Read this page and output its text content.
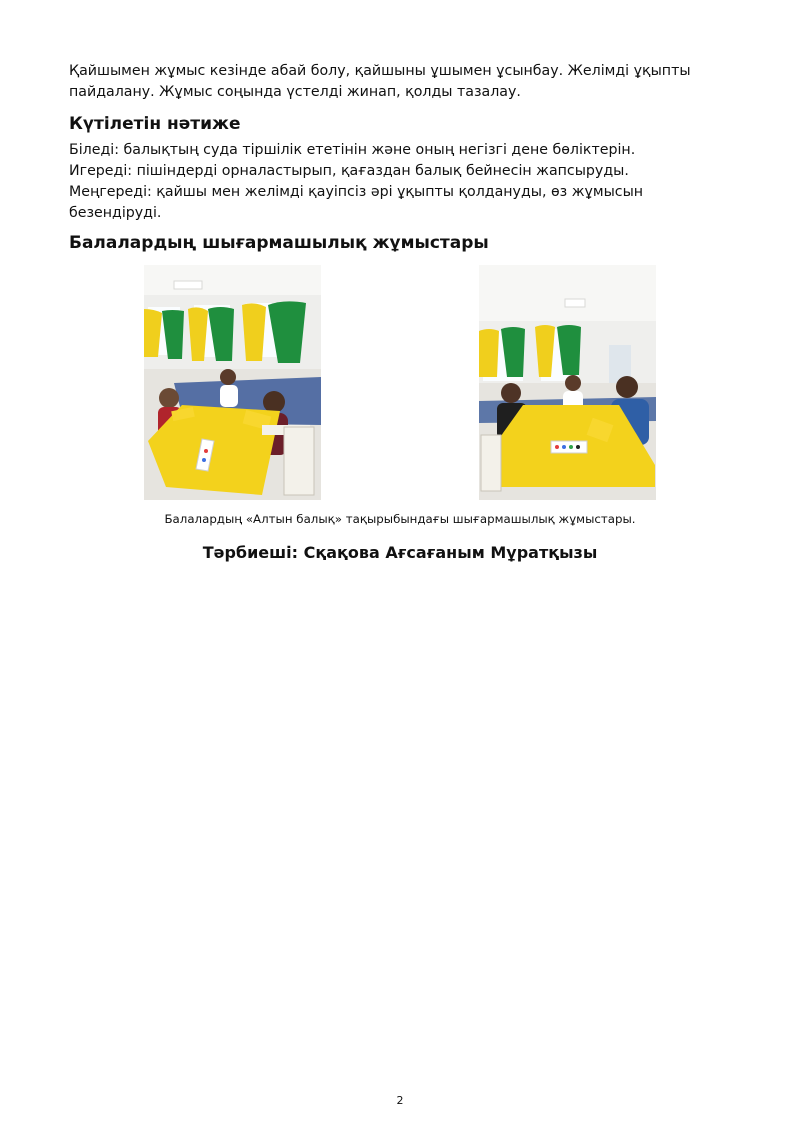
Қайшымен жұмыс кезінде абай болу, қайшыны ұшымен ұсынбау. Желімді ұқыпты
пайдалану. Жұмыс соңында үстелді жинап, қолды тазалау.
Күтілетін нәтиже
Біледі: балықтың суда тіршілік ететінін және оның негізгі дене бөліктерін.
Игереді: пішіндерді орналастырып, қағаздан балық бейнесін жапсыруды.
Меңгереді: қайшы мен желімді қауіпсіз әрі ұқыпты қолдануды, өз жұмысын
безендіруді.
Балалардың шығармашылық жұмыстары
Балалардың «Алтын балық» тақырыбындағы шығармашылық жұмыстары.
Тәрбиеші: Сқақова Ағсағаным Мұратқызы
2
